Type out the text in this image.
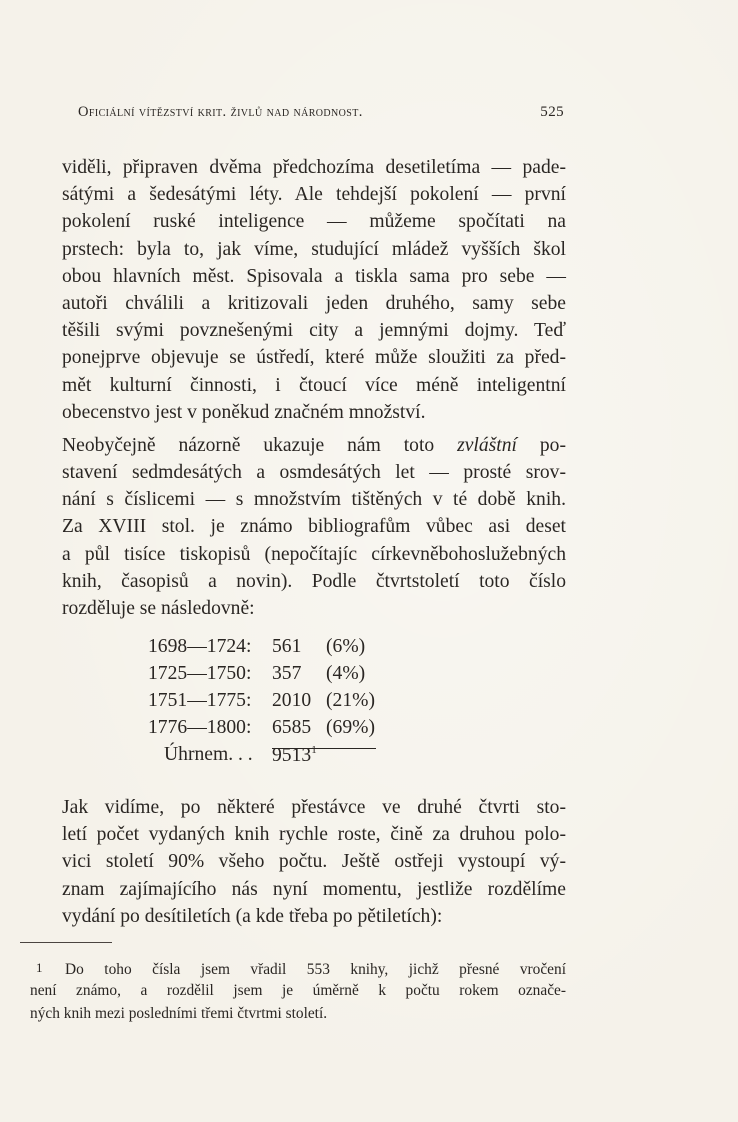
Oficiální vítězství krit. živlů nad národnost.	525
viděli, připraven dvěma předchozíma desetiletíma — pade-
sátými a šedesátými léty. Ale tehdejší pokolení — první
pokolení ruské inteligence — můžeme spočítati na
prstech: byla to, jak víme, studující mládež vyšších škol
obou hlavních měst. Spisovala a tiskla sama pro sebe —
autoři chválili a kritizovali jeden druhého, samy sebe
těšili svými povznešenými city a jemnými dojmy. Teď
ponejprve objevuje se ústředí, které může sloužiti za před-
mět kulturní činnosti, i čtoucí více méně inteligentní
obecenstvo jest v poněkud značném množství.
Neobyčejně názorně ukazuje nám toto zvláštní po-
stavení sedmdesátých a osmdesátých let — prosté srov-
nání s číslicemi — s množstvím tištěných v té době knih.
Za XVIII stol. je známo bibliografům vůbec asi deset
a půl tisíce tiskopisů (nepočítajíc církevněbohoslužebných
knih, časopisů a novin). Podle čtvrtstoletí toto číslo
rozděluje se následovně:
1698—1724: 561 (6%)
1725—1750: 357 (4%)
1751—1775: 2010 (21%)
1776—1800: 6585 (69%)
Úhrnem. . . 9513$^1$
Jak vidíme, po některé přestávce ve druhé čtvrti sto-
letí počet vydaných knih rychle roste, čině za druhou polo-
vici století 90% všeho počtu. Ještě ostřeji vystoupí vý-
znam zajímajícího nás nyní momentu, jestliže rozdělíme
vydání po desítiletích (a kde třeba po pětiletích):
1 Do toho čísla jsem vřadil 553 knihy, jichž přesné vročení
není známo, a rozdělil jsem je úměrně k počtu rokem označe-
ných knih mezi posledními třemi čtvrtmi století.
